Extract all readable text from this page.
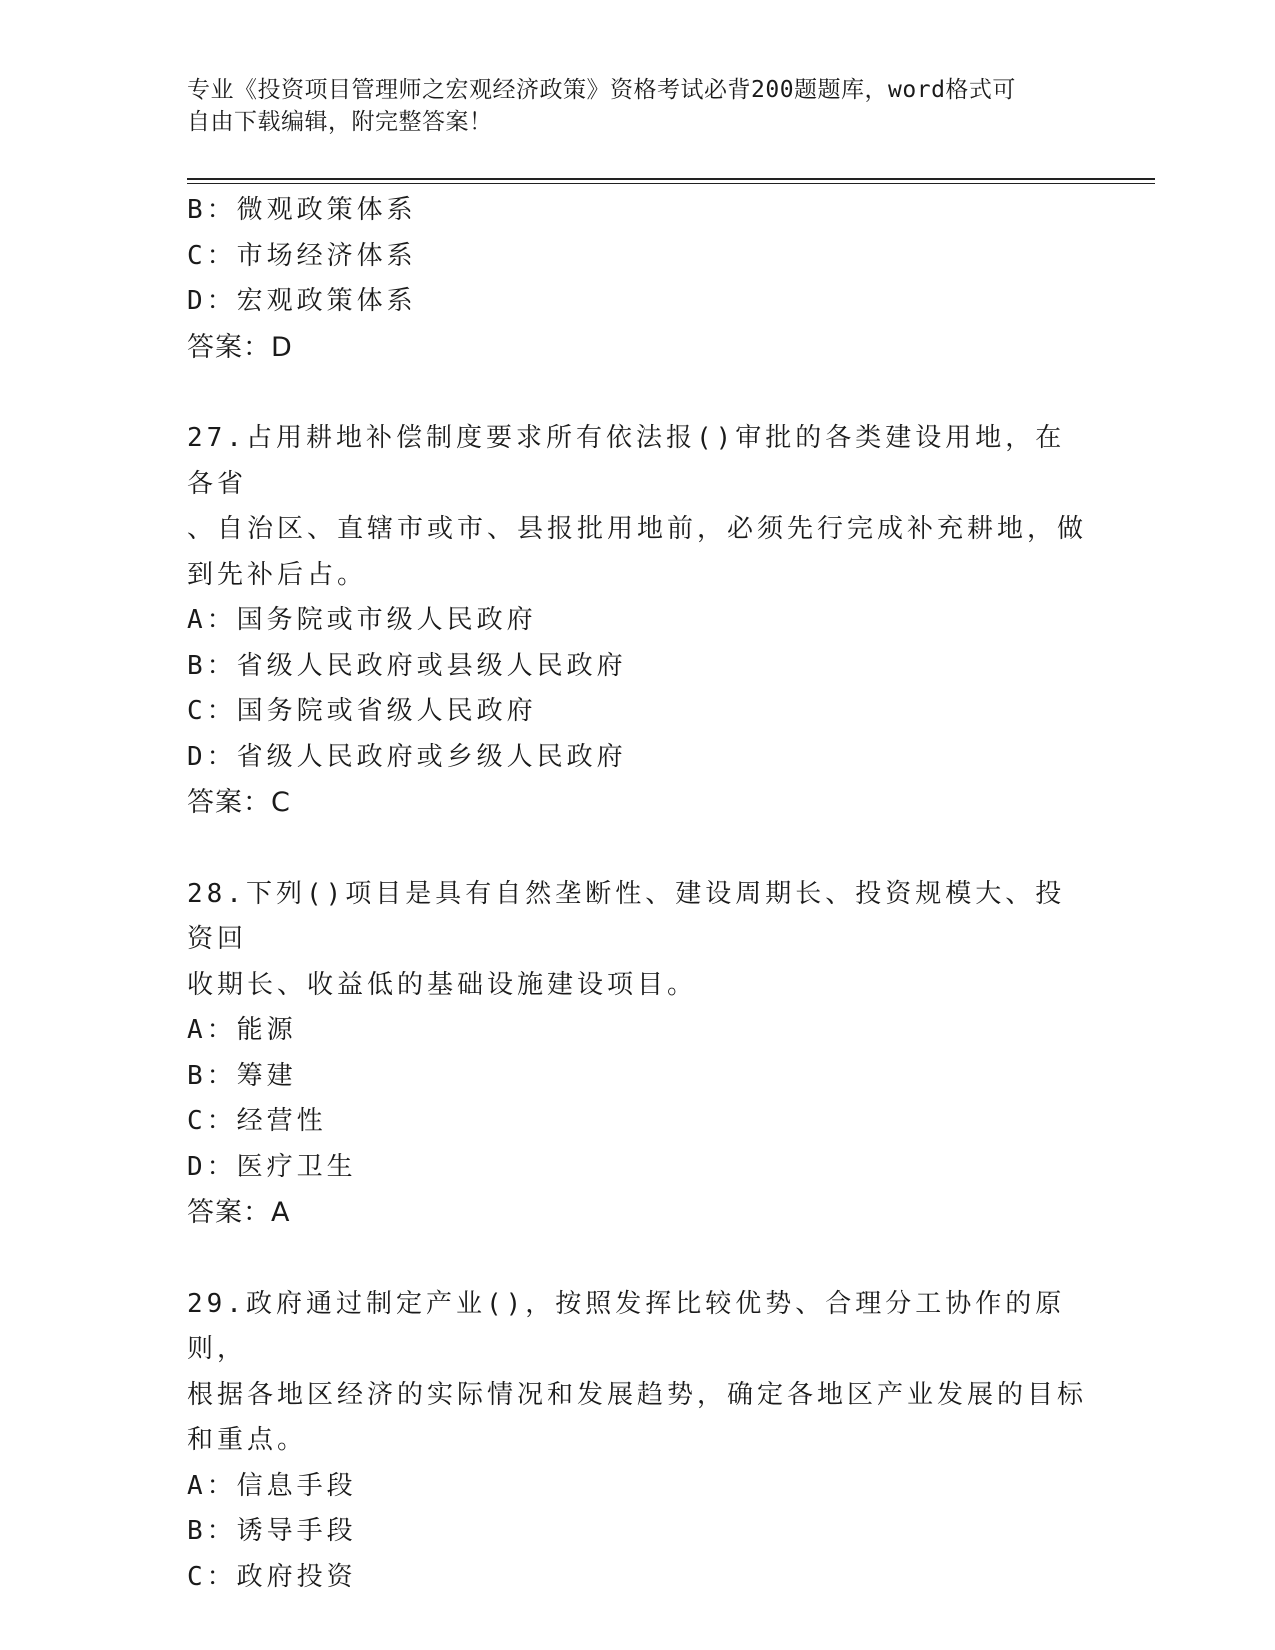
专业《投资项目管理师之宏观经济政策》资格考试必背200题题库，word格式可
自由下载编辑，附完整答案！
B：微观政策体系
C：市场经济体系
D：宏观政策体系
答案：D
27.占用耕地补偿制度要求所有依法报()审批的各类建设用地，在各省
、自治区、直辖市或市、县报批用地前，必须先行完成补充耕地，做
到先补后占。
A：国务院或市级人民政府
B：省级人民政府或县级人民政府
C：国务院或省级人民政府
D：省级人民政府或乡级人民政府
答案：C
28.下列()项目是具有自然垄断性、建设周期长、投资规模大、投资回
收期长、收益低的基础设施建设项目。
A：能源
B：筹建
C：经营性
D：医疗卫生
答案：A
29.政府通过制定产业()，按照发挥比较优势、合理分工协作的原则，
根据各地区经济的实际情况和发展趋势，确定各地区产业发展的目标
和重点。
A：信息手段
B：诱导手段
C：政府投资
